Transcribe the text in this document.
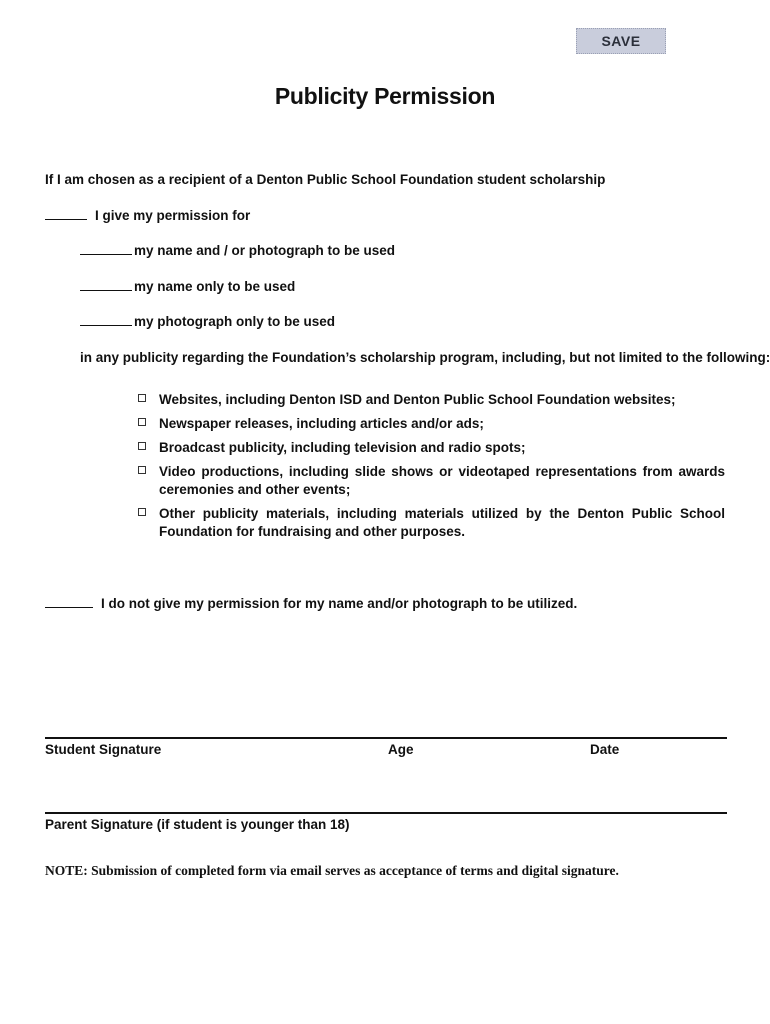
SAVE
Publicity Permission
If I am chosen as a recipient of a Denton Public School Foundation student scholarship
I give my permission for
my name and / or photograph to be used
my name only to be used
my photograph only to be used
in any publicity regarding the Foundation’s scholarship program, including, but not limited to the following:
Websites, including Denton ISD and Denton Public School Foundation websites;
Newspaper releases, including articles and/or ads;
Broadcast publicity, including television and radio spots;
Video productions, including slide shows or videotaped representations from awards ceremonies and other events;
Other publicity materials, including materials utilized by the Denton Public School Foundation for fundraising and other purposes.
I do not give my permission for my name and/or photograph to be utilized.
Student Signature	Age	Date
Parent Signature (if student is younger than 18)
NOTE: Submission of completed form via email serves as acceptance of terms and digital signature.
